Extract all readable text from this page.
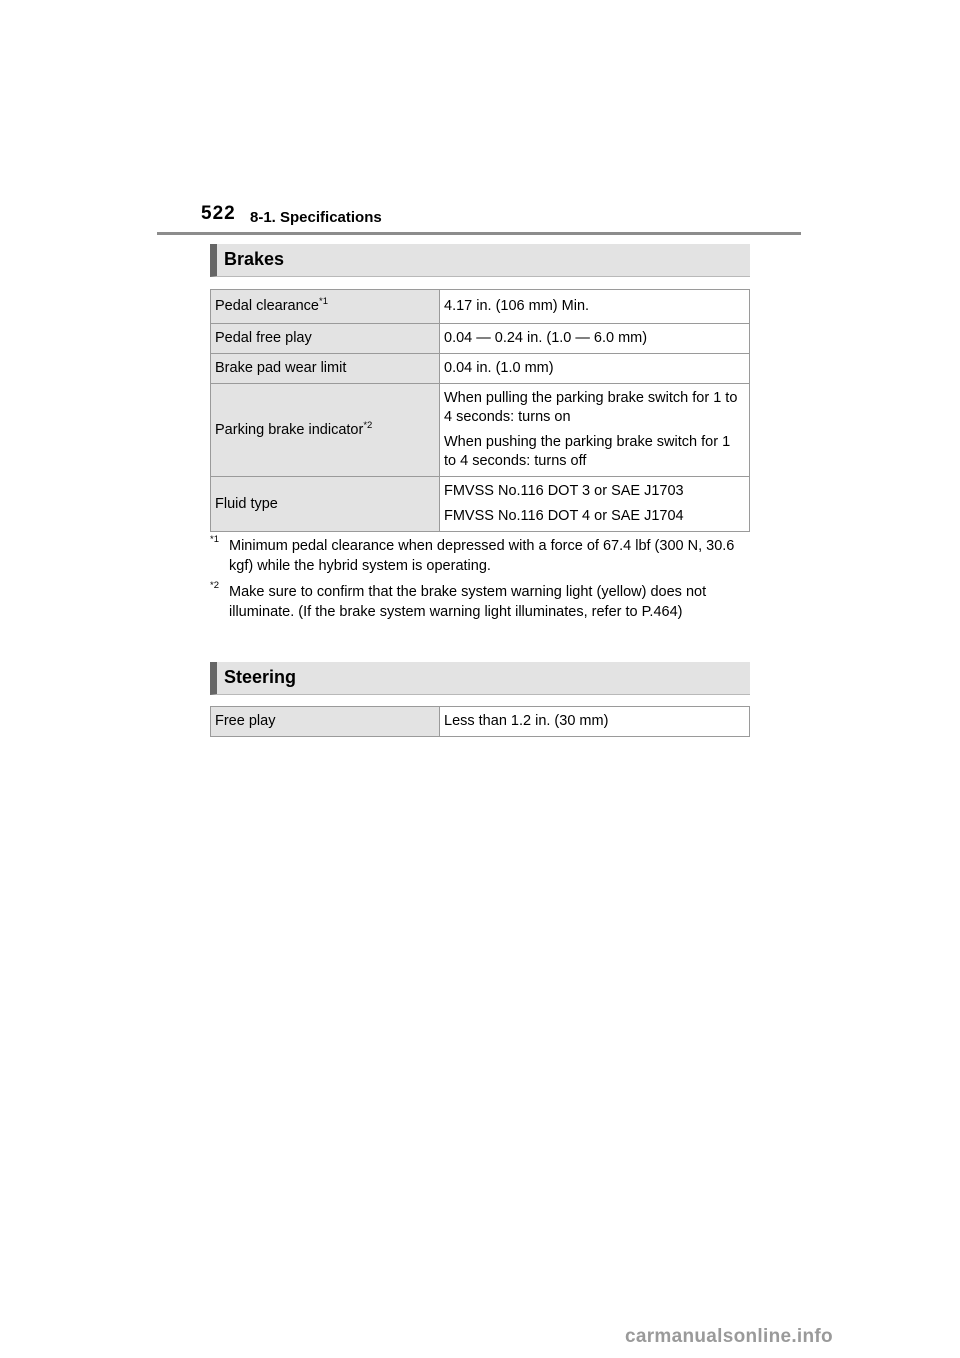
522 8-1. Specifications
Brakes
Pedal clearance$^{*1}$	4.17 in. (106 mm) Min.
Pedal free play	0.04 — 0.24 in. (1.0 — 6.0 mm)
Brake pad wear limit	0.04 in. (1.0 mm)
Parking brake indicator$^{*2}$	When pulling the parking brake switch for 1 to 4 seconds: turns on

When pushing the parking brake switch for 1 to 4 seconds: turns off

Fluid type	FMVSS No.116 DOT 3 or SAE J1703

FMVSS No.116 DOT 4 or SAE J1704

*1 Minimum pedal clearance when depressed with a force of 67.4 lbf (300 N, 30.6 kgf) while the hybrid system is operating.
*2 Make sure to confirm that the brake system warning light (yellow) does not illuminate. (If the brake system warning light illuminates, refer to P.464)
Steering
Free play	Less than 1.2 in. (30 mm)
carmanualsonline.info
